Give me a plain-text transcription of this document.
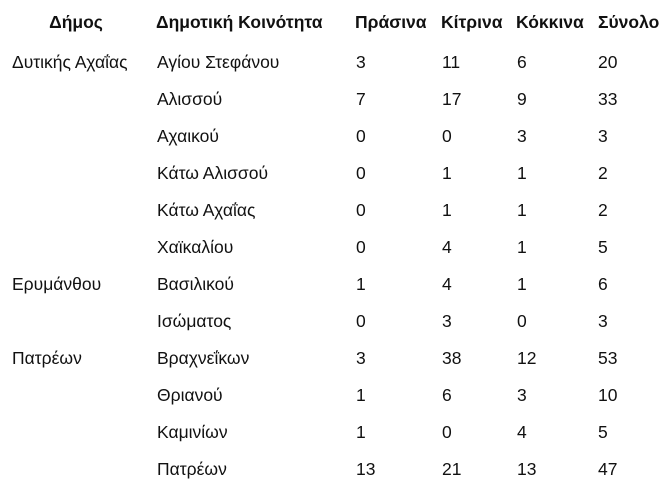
Δήμος	Δημοτική Κοινότητα	Πράσινα	Κίτρινα	Κόκκινα	Σύνολο
Δυτικής Αχαΐας	Αγίου Στεφάνου	3	11	6	20
	Αλισσού	7	17	9	33
	Αχαικού	0	0	3	3
	Κάτω Αλισσού	0	1	1	2
	Κάτω Αχαΐας	0	1	1	2
	Χαϊκαλίου	0	4	1	5
Ερυμάνθου	Βασιλικού	1	4	1	6
	Ισώματος	0	3	0	3
Πατρέων	Βραχνεΐκων	3	38	12	53
	Θριανού	1	6	3	10
	Καμινίων	1	0	4	5
	Πατρέων	13	21	13	47
